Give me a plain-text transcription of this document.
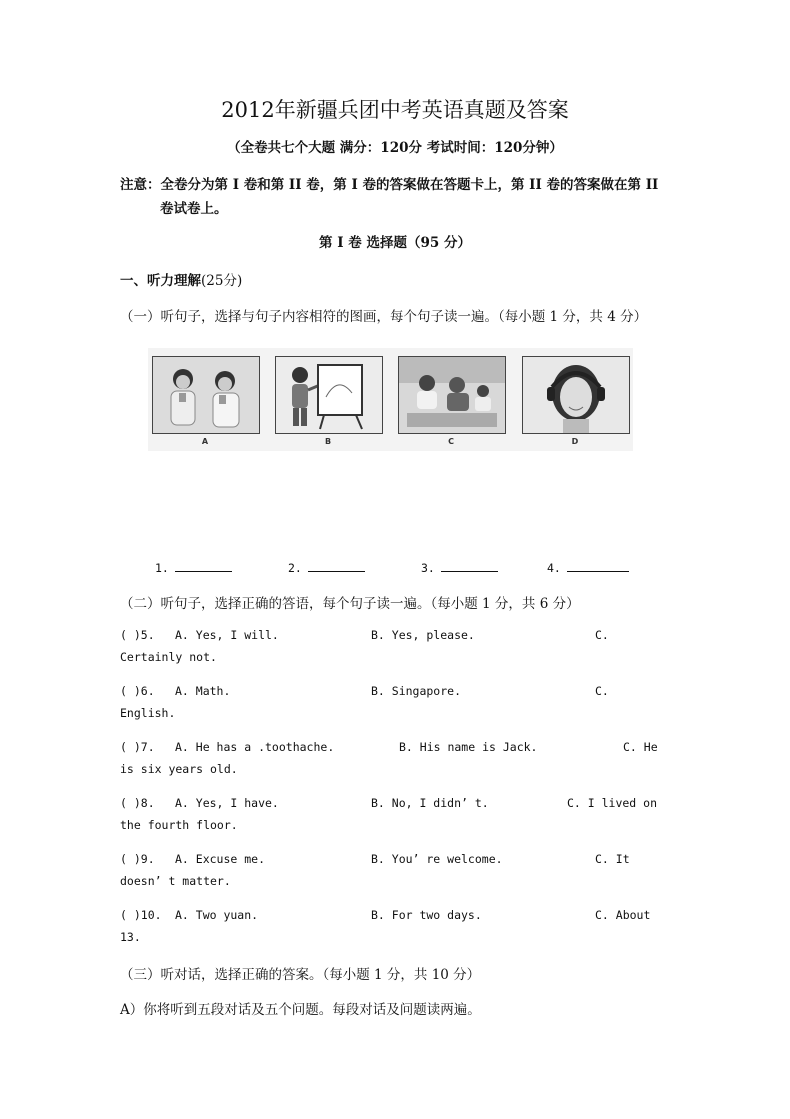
2012年新疆兵团中考英语真题及答案
（全卷共七个大题 满分：120分 考试时间：120分钟）
注意：全卷分为第 I 卷和第 II 卷，第 I 卷的答案做在答题卡上，第 II 卷的答案做在第 II
卷试卷上。
第 I 卷 选择题（95 分）
一、听力理解(25分)
（一）听句子，选择与句子内容相符的图画，每个句子读一遍。（每小题 1 分，共 4 分）
A	B	C	D
1.	2.	3.	4.
（二）听句子，选择正确的答语，每个句子读一遍。（每小题 1 分，共 6 分）
( )5. A. Yes, I will.	B. Yes, please.	C.
Certainly not.
( )6. A. Math.	B. Singapore.	C.
English.
( )7. A. He has a .toothache.	B. His name is Jack.	C. He
is six years old.
( )8. A. Yes, I have.	B. No, I didn’ t.	C. I lived on
the fourth floor.
( )9. A. Excuse me.	B. You’ re welcome.	C. It
doesn’ t matter.
( )10. A. Two yuan.	B. For two days.	C. About
13.
（三）听对话，选择正确的答案。（每小题 1 分，共 10 分）
A）你将听到五段对话及五个问题。每段对话及问题读两遍。
